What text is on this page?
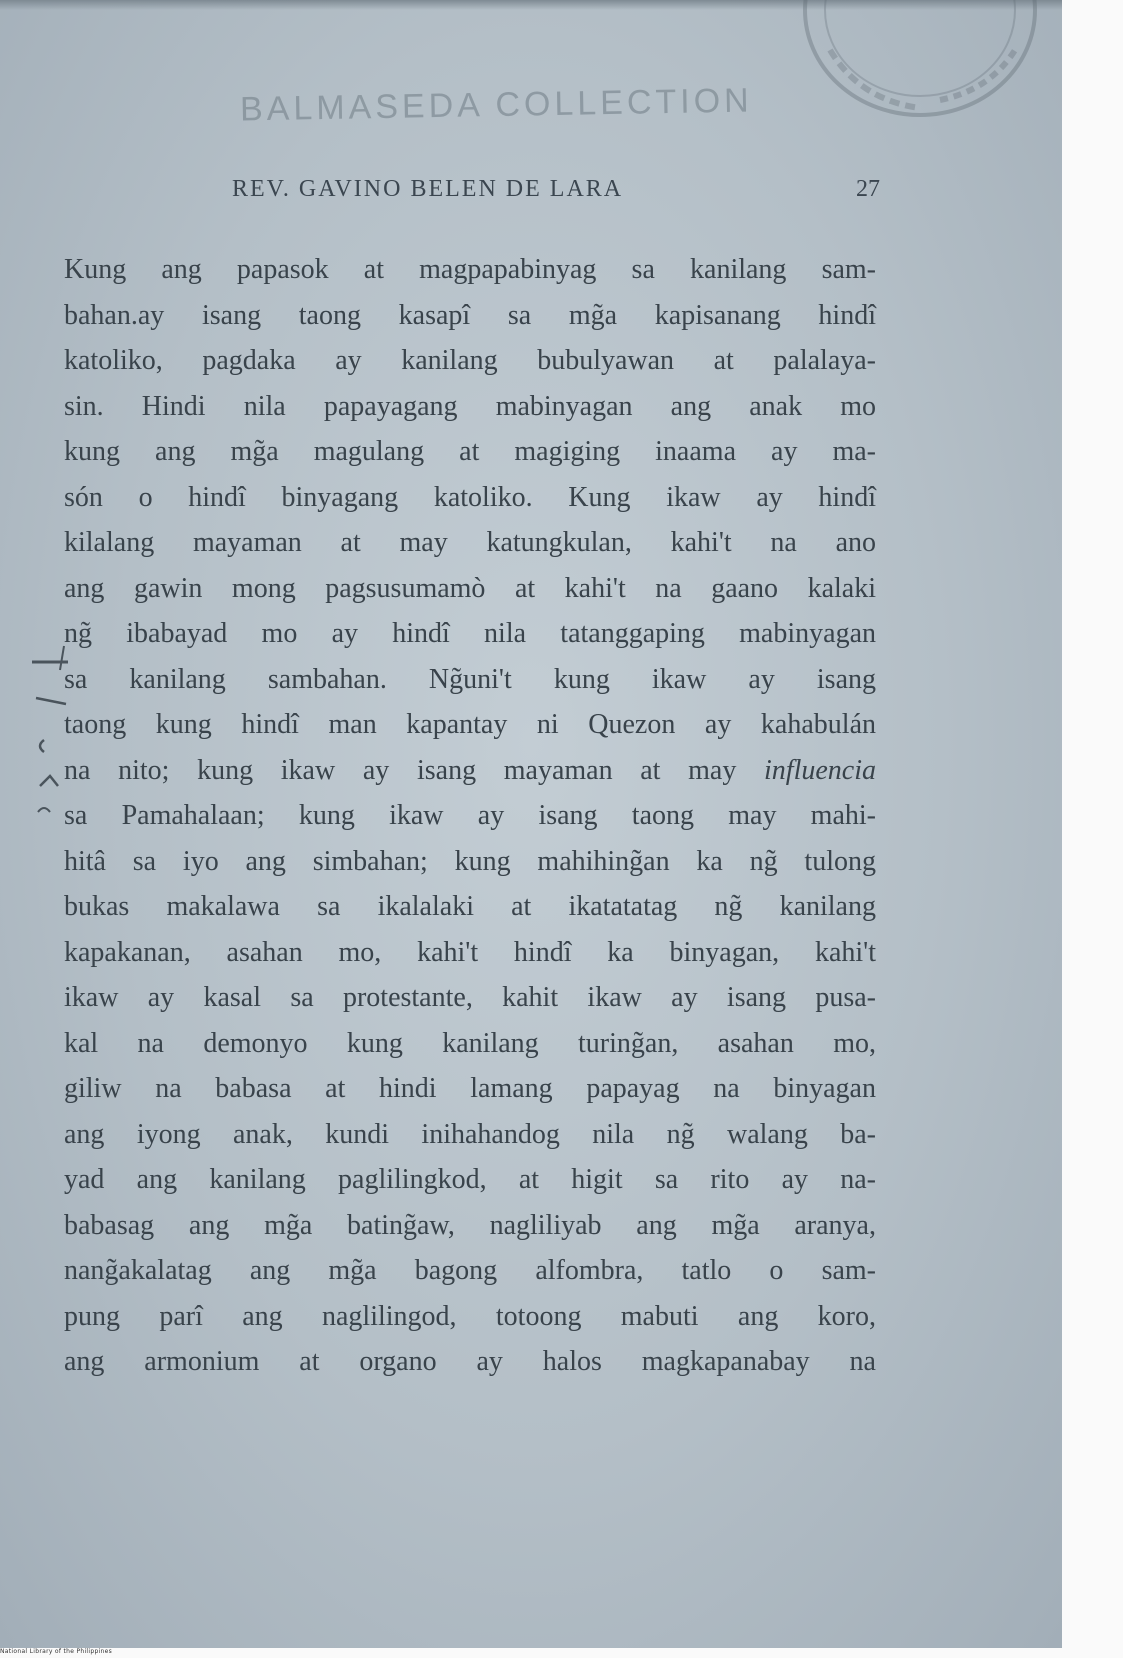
BALMASEDA COLLECTION
REV. GAVINO BELEN DE LARA	27
Kung ang papasok at magpapabinyag sa kanilang sam-
bahan.ay isang taong kasapî sa mg̃a kapisanang hindî
katoliko, pagdaka ay kanilang bubulyawan at palalaya-
sin. Hindi nila papayagang mabinyagan ang anak mo
kung ang mg̃a magulang at magiging inaama ay ma-
són o hindî binyagang katoliko. Kung ikaw ay hindî
kilalang mayaman at may katungkulan, kahi't na ano
ang gawin mong pagsusumamò at kahi't na gaano kalaki
ng̃ ibabayad mo ay hindî nila tatanggaping mabinyagan
sa kanilang sambahan. Ng̃uni't kung ikaw ay isang
taong kung hindî man kapantay ni Quezon ay kahabulán
na nito; kung ikaw ay isang mayaman at may influencia
sa Pamahalaan; kung ikaw ay isang taong may mahi-
hitâ sa iyo ang simbahan; kung mahihing̃an ka ng̃ tulong
bukas makalawa sa ikalalaki at ikatatatag ng̃ kanilang
kapakanan, asahan mo, kahi't hindî ka binyagan, kahi't
ikaw ay kasal sa protestante, kahit ikaw ay isang pusa-
kal na demonyo kung kanilang turing̃an, asahan mo,
giliw na babasa at hindi lamang papayag na binyagan
ang iyong anak, kundi inihahandog nila ng̃ walang ba-
yad ang kanilang paglilingkod, at higit sa rito ay na-
babasag ang mg̃a bating̃aw, nagliliyab ang mg̃a aranya,
nang̃akalatag ang mg̃a bagong alfombra, tatlo o sam-
pung parî ang naglilingod, totoong mabuti ang koro,
ang armonium at organo ay halos magkapanabay na
National Library of the Philippines
